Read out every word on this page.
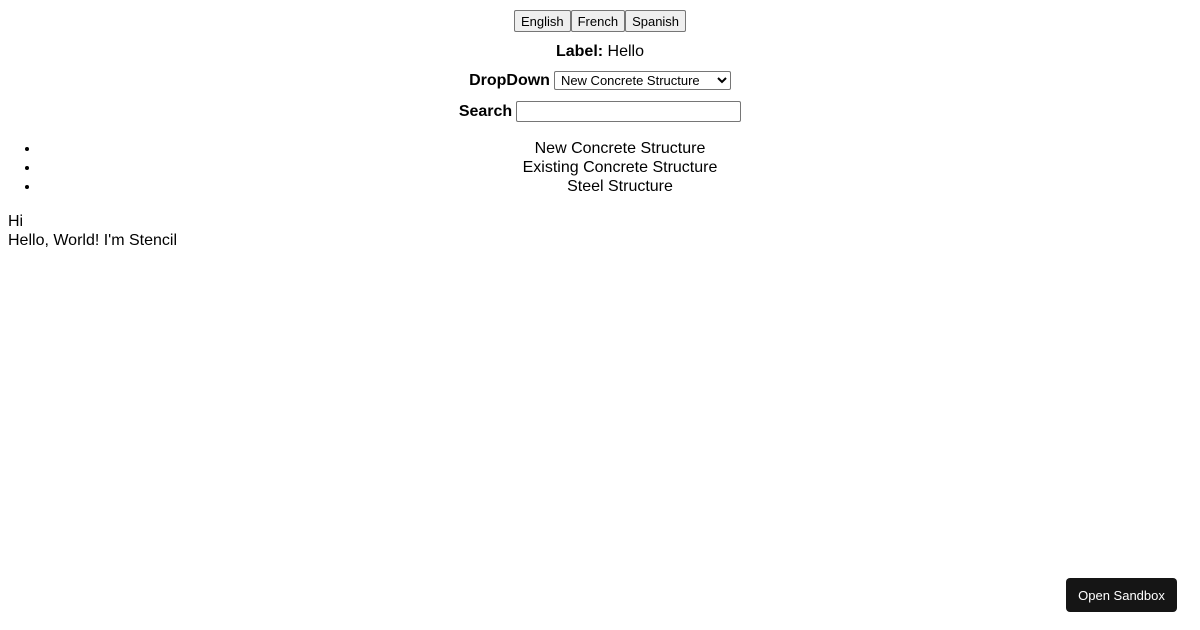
English	French	Spanish
Label: Hello
DropDown
New Concrete Structure
Search
• New Concrete Structure
• Existing Concrete Structure
• Steel Structure
Hi
Hello, World! I'm Stencil
Open Sandbox
